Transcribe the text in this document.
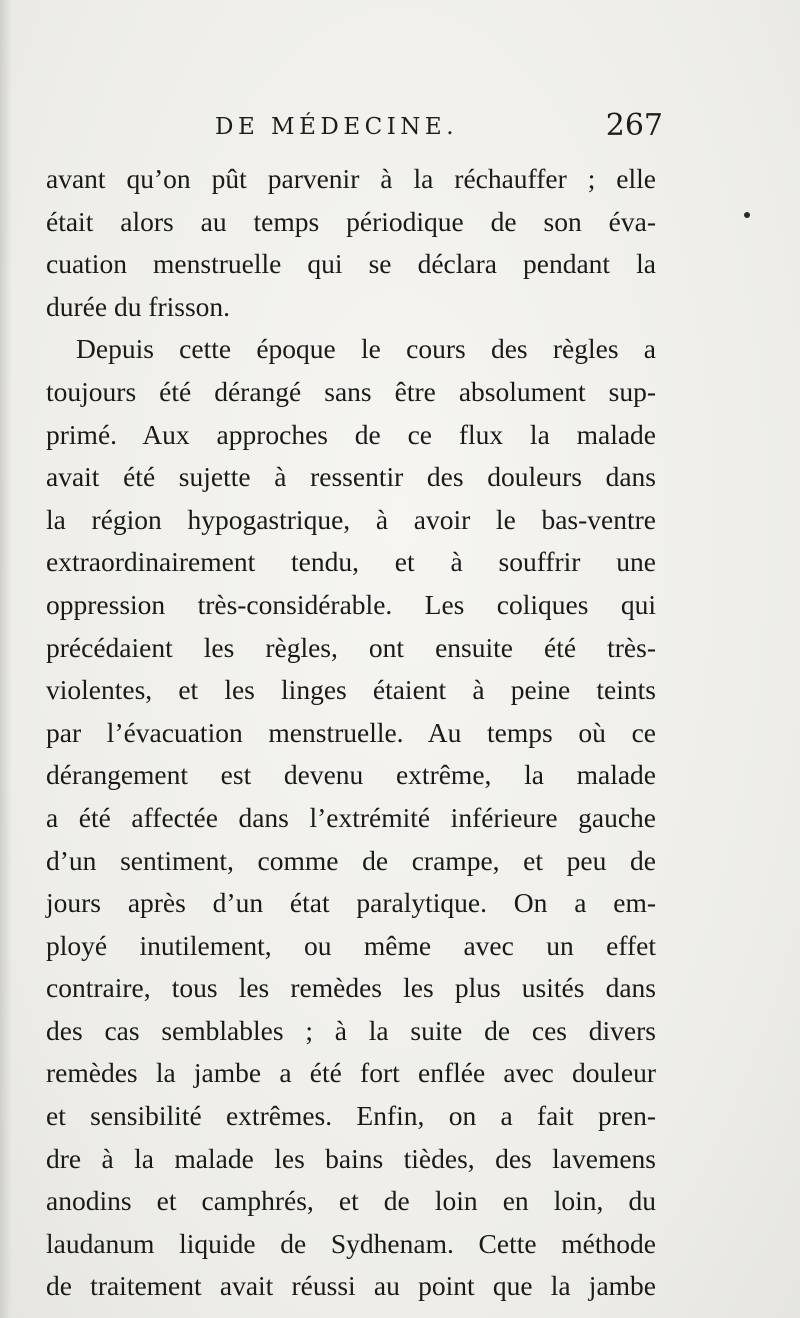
DE MÉDECINE.	267
avant qu’on pût parvenir à la réchauffer ; elle
était alors au temps périodique de son éva-
cuation menstruelle qui se déclara pendant la
durée du frisson.
Depuis cette époque le cours des règles a
toujours été dérangé sans être absolument sup-
primé. Aux approches de ce flux la malade
avait été sujette à ressentir des douleurs dans
la région hypogastrique, à avoir le bas-ventre
extraordinairement tendu, et à souffrir une
oppression très-considérable. Les coliques qui
précédaient les règles, ont ensuite été très-
violentes, et les linges étaient à peine teints
par l’évacuation menstruelle. Au temps où ce
dérangement est devenu extrême, la malade
a été affectée dans l’extrémité inférieure gauche
d’un sentiment, comme de crampe, et peu de
jours après d’un état paralytique. On a em-
ployé inutilement, ou même avec un effet
contraire, tous les remèdes les plus usités dans
des cas semblables ; à la suite de ces divers
remèdes la jambe a été fort enflée avec douleur
et sensibilité extrêmes. Enfin, on a fait pren-
dre à la malade les bains tièdes, des lavemens
anodins et camphrés, et de loin en loin, du
laudanum liquide de Sydhenam. Cette méthode
de traitement avait réussi au point que la jambe
